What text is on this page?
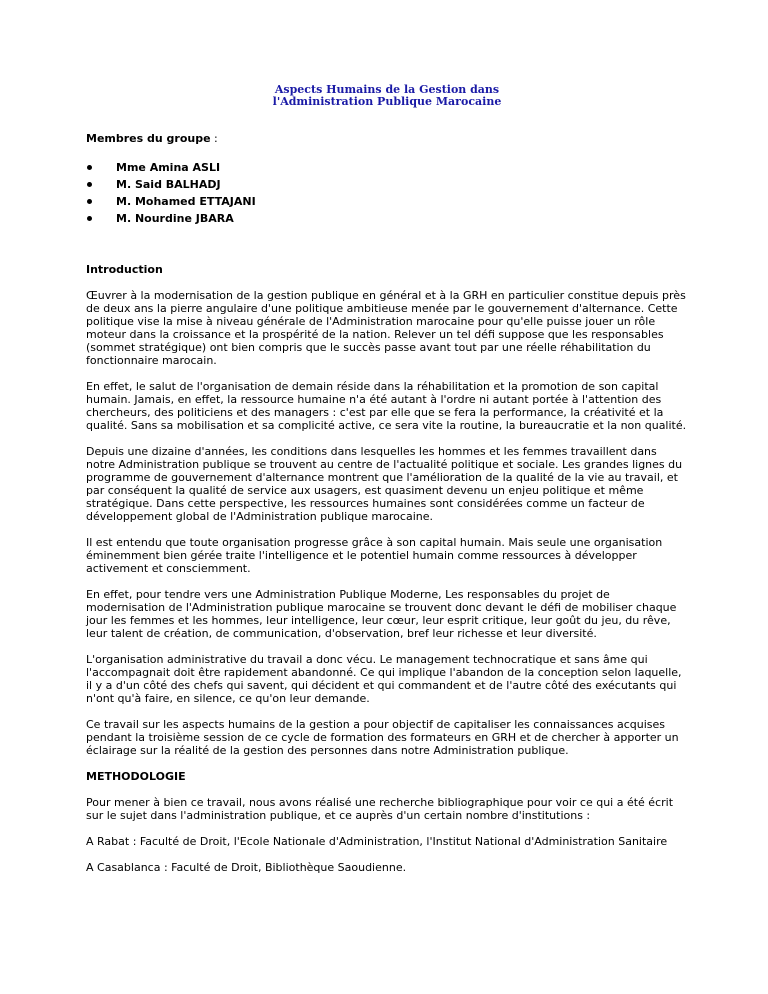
Aspects Humains de la Gestion dans
l'Administration Publique Marocaine
Membres du groupe :
Mme Amina ASLI
M. Said BALHADJ
M. Mohamed ETTAJANI
M. Nourdine JBARA
Introduction

Œuvrer à la modernisation de la gestion publique en général et à la GRH en particulier constitue depuis près de deux ans la pierre angulaire d'une politique ambitieuse menée par le gouvernement d'alternance. Cette politique vise la mise à niveau générale de l'Administration marocaine pour qu'elle puisse jouer un rôle moteur dans la croissance et la prospérité de la nation. Relever un tel défi suppose que les responsables (sommet stratégique) ont bien compris que le succès passe avant tout par une réelle réhabilitation du fonctionnaire marocain.

En effet, le salut de l'organisation de demain réside dans la réhabilitation et la promotion de son capital humain. Jamais, en effet, la ressource humaine n'a été autant à l'ordre ni autant portée à l'attention des chercheurs, des politiciens et des managers : c'est par elle que se fera la performance, la créativité et la qualité. Sans sa mobilisation et sa complicité active, ce sera vite la routine, la bureaucratie et la non qualité.

Depuis une dizaine d'années, les conditions dans lesquelles les hommes et les femmes travaillent dans notre Administration publique se trouvent au centre de l'actualité politique et sociale. Les grandes lignes du programme de gouvernement d'alternance montrent que l'amélioration de la qualité de la vie au travail, et par conséquent la qualité de service aux usagers, est quasiment devenu un enjeu politique et même stratégique. Dans cette perspective, les ressources humaines sont considérées comme un facteur de développement global de l'Administration publique marocaine.

Il est entendu que toute organisation progresse grâce à son capital humain. Mais seule une organisation éminemment bien gérée traite l'intelligence et le potentiel humain comme ressources à développer activement et consciemment.

En effet, pour tendre vers une Administration Publique Moderne, Les responsables du projet de modernisation de l'Administration publique marocaine se trouvent donc devant le défi de mobiliser chaque jour les femmes et les hommes, leur intelligence, leur cœur, leur esprit critique, leur goût du jeu, du rêve, leur talent de création, de communication, d'observation, bref leur richesse et leur diversité.

L'organisation administrative du travail a donc vécu. Le management technocratique et sans âme qui l'accompagnait doit être rapidement abandonné. Ce qui implique l'abandon de la conception selon laquelle, il y a d'un côté des chefs qui savent, qui décident et qui commandent et de l'autre côté des exécutants qui n'ont qu'à faire, en silence, ce qu'on leur demande.

Ce travail sur les aspects humains de la gestion a pour objectif de capitaliser les connaissances acquises pendant la troisième session de ce cycle de formation des formateurs en GRH et de chercher à apporter un éclairage sur la réalité de la gestion des personnes dans notre Administration publique.

METHODOLOGIE

Pour mener à bien ce travail, nous avons réalisé une recherche bibliographique pour voir ce qui a été écrit sur le sujet dans l'administration publique, et ce auprès d'un certain nombre d'institutions :

A Rabat : Faculté de Droit, l'Ecole Nationale d'Administration, l'Institut National d'Administration Sanitaire

A Casablanca : Faculté de Droit, Bibliothèque Saoudienne.
